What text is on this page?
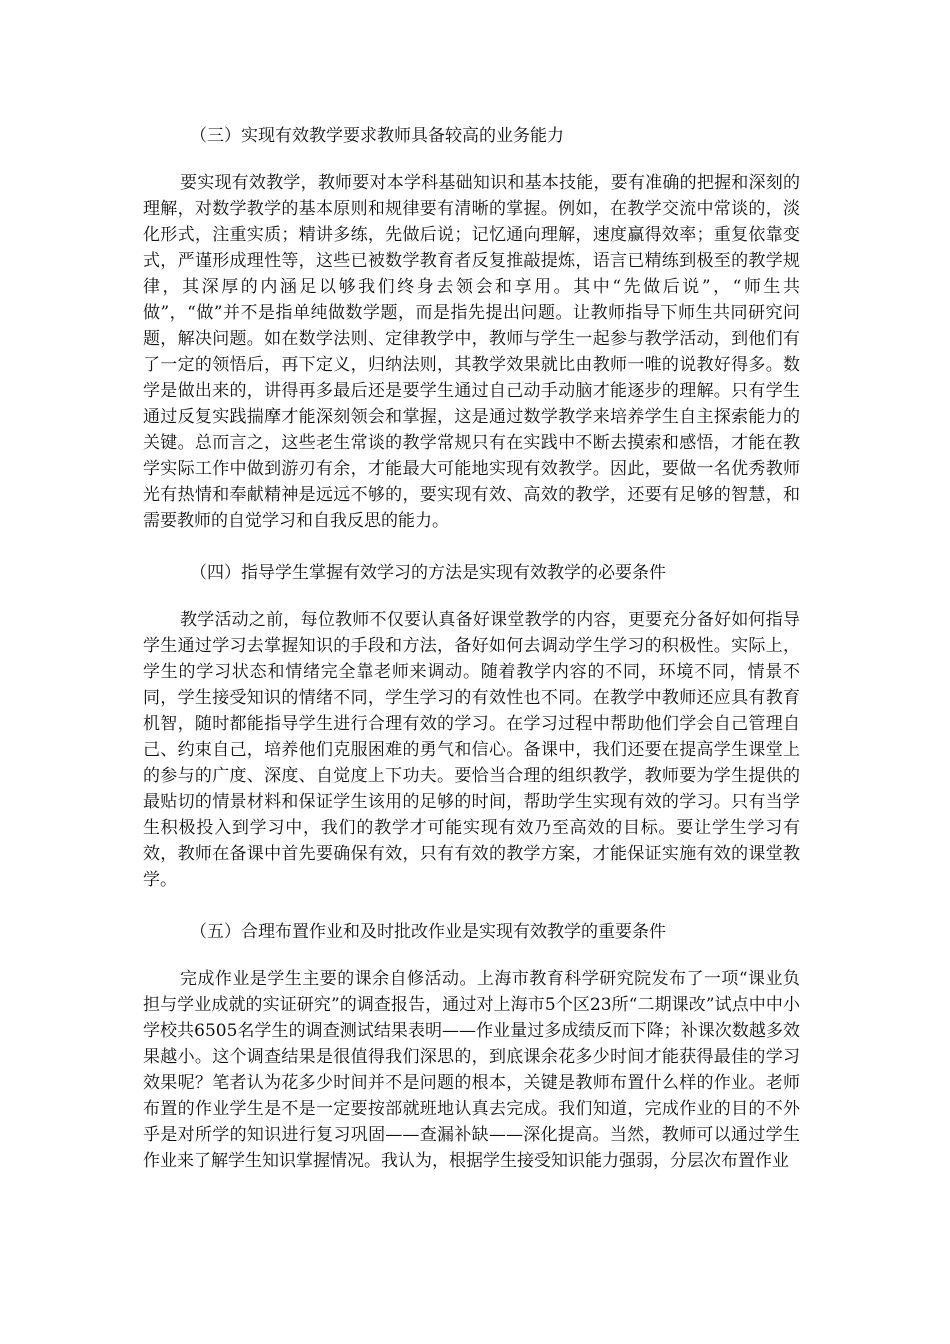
（三）实现有效教学要求教师具备较高的业务能力

要实现有效教学，教师要对本学科基础知识和基本技能，要有准确的把握和深刻的理解，对数学教学的基本原则和规律要有清晰的掌握。例如，在教学交流中常谈的，淡化形式，注重实质；精讲多练，先做后说；记忆通向理解，速度赢得效率；重复依靠变式，严谨形成理性等，这些已被数学教育者反复推敲提炼，语言已精练到极至的教学规律，其深厚的内涵足以够我们终身去领会和享用。其中“先做后说”，“师生共做”，“做”并不是指单纯做数学题，而是指先提出问题。让教师指导下师生共同研究问题，解决问题。如在数学法则、定律教学中，教师与学生一起参与教学活动，到他们有了一定的领悟后，再下定义，归纳法则，其教学效果就比由教师一唯的说教好得多。数学是做出来的，讲得再多最后还是要学生通过自己动手动脑才能逐步的理解。只有学生通过反复实践揣摩才能深刻领会和掌握，这是通过数学教学来培养学生自主探索能力的关键。总而言之，这些老生常谈的教学常规只有在实践中不断去摸索和感悟，才能在教学实际工作中做到游刃有余，才能最大可能地实现有效教学。因此，要做一名优秀教师光有热情和奉献精神是远远不够的，要实现有效、高效的教学，还要有足够的智慧，和需要教师的自觉学习和自我反思的能力。

（四）指导学生掌握有效学习的方法是实现有效教学的必要条件

教学活动之前，每位教师不仅要认真备好课堂教学的内容，更要充分备好如何指导学生通过学习去掌握知识的手段和方法，备好如何去调动学生学习的积极性。实际上，学生的学习状态和情绪完全靠老师来调动。随着教学内容的不同，环境不同，情景不同，学生接受知识的情绪不同，学生学习的有效性也不同。在教学中教师还应具有教育机智，随时都能指导学生进行合理有效的学习。在学习过程中帮助他们学会自己管理自己、约束自己，培养他们克服困难的勇气和信心。备课中，我们还要在提高学生课堂上的参与的广度、深度、自觉度上下功夫。要恰当合理的组织教学，教师要为学生提供的最贴切的情景材料和保证学生该用的足够的时间，帮助学生实现有效的学习。只有当学生积极投入到学习中，我们的教学才可能实现有效乃至高效的目标。要让学生学习有效，教师在备课中首先要确保有效，只有有效的教学方案，才能保证实施有效的课堂教学。

（五）合理布置作业和及时批改作业是实现有效教学的重要条件

完成作业是学生主要的课余自修活动。上海市教育科学研究院发布了一项“课业负担与学业成就的实证研究”的调查报告，通过对上海市5个区23所“二期课改”试点中中小学校共6505名学生的调查测试结果表明——作业量过多成绩反而下降；补课次数越多效果越小。这个调查结果是很值得我们深思的，到底课余花多少时间才能获得最佳的学习效果呢？笔者认为花多少时间并不是问题的根本，关键是教师布置什么样的作业。老师布置的作业学生是不是一定要按部就班地认真去完成。我们知道，完成作业的目的不外乎是对所学的知识进行复习巩固——查漏补缺——深化提高。当然，教师可以通过学生作业来了解学生知识掌握情况。我认为，根据学生接受知识能力强弱，分层次布置作业
